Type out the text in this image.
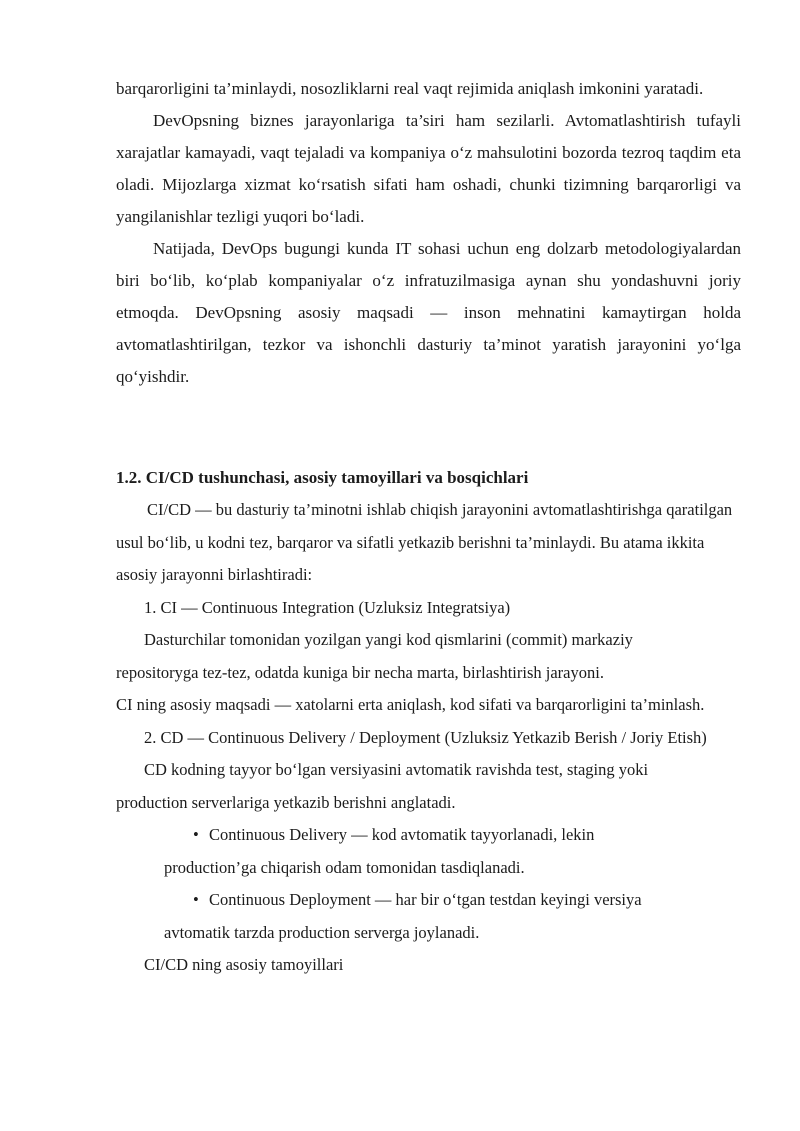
barqarorligini ta’minlaydi, nosozliklarni real vaqt rejimida aniqlash imkonini yaratadi.

DevOpsning biznes jarayonlariga ta’siri ham sezilarli. Avtomatlashtirish tufayli xarajatlar kamayadi, vaqt tejaladi va kompaniya o‘z mahsulotini bozorda tezroq taqdim eta oladi. Mijozlarga xizmat ko‘rsatish sifati ham oshadi, chunki tizimning barqarorligi va yangilanishlar tezligi yuqori bo‘ladi.

Natijada, DevOps bugungi kunda IT sohasi uchun eng dolzarb metodologiyalardan biri bo‘lib, ko‘plab kompaniyalar o‘z infratuzilmasiga aynan shu yondashuvni joriy etmoqda. DevOpsning asosiy maqsadi — inson mehnatini kamaytirgan holda avtomatlashtirilgan, tezkor va ishonchli dasturiy ta’minot yaratish jarayonini yo‘lga qo‘yishdir.

1.2. CI/CD tushunchasi, asosiy tamoyillari va bosqichlari

CI/CD — bu dasturiy ta’minotni ishlab chiqish jarayonini avtomatlashtirishga qaratilgan usul bo‘lib, u kodni tez, barqaror va sifatli yetkazib berishni ta’minlaydi. Bu atama ikkita asosiy jarayonni birlashtiradi:

1. CI — Continuous Integration (Uzluksiz Integratsiya)

Dasturchilar tomonidan yozilgan yangi kod qismlarini (commit) markaziy repositoryga tez-tez, odatda kuniga bir necha marta, birlashtirish jarayoni.

CI ning asosiy maqsadi — xatolarni erta aniqlash, kod sifati va barqarorligini ta’minlash.

2. CD — Continuous Delivery / Deployment (Uzluksiz Yetkazib Berish / Joriy Etish)

CD kodning tayyor bo‘lgan versiyasini avtomatik ravishda test, staging yoki production serverlariga yetkazib berishni anglatadi.

• Continuous Delivery — kod avtomatik tayyorlanadi, lekin
production’ga chiqarish odam tomonidan tasdiqlanadi.
• Continuous Deployment — har bir o‘tgan testdan keyingi versiya
avtomatik tarzda production serverga joylanadi.

CI/CD ning asosiy tamoyillari
